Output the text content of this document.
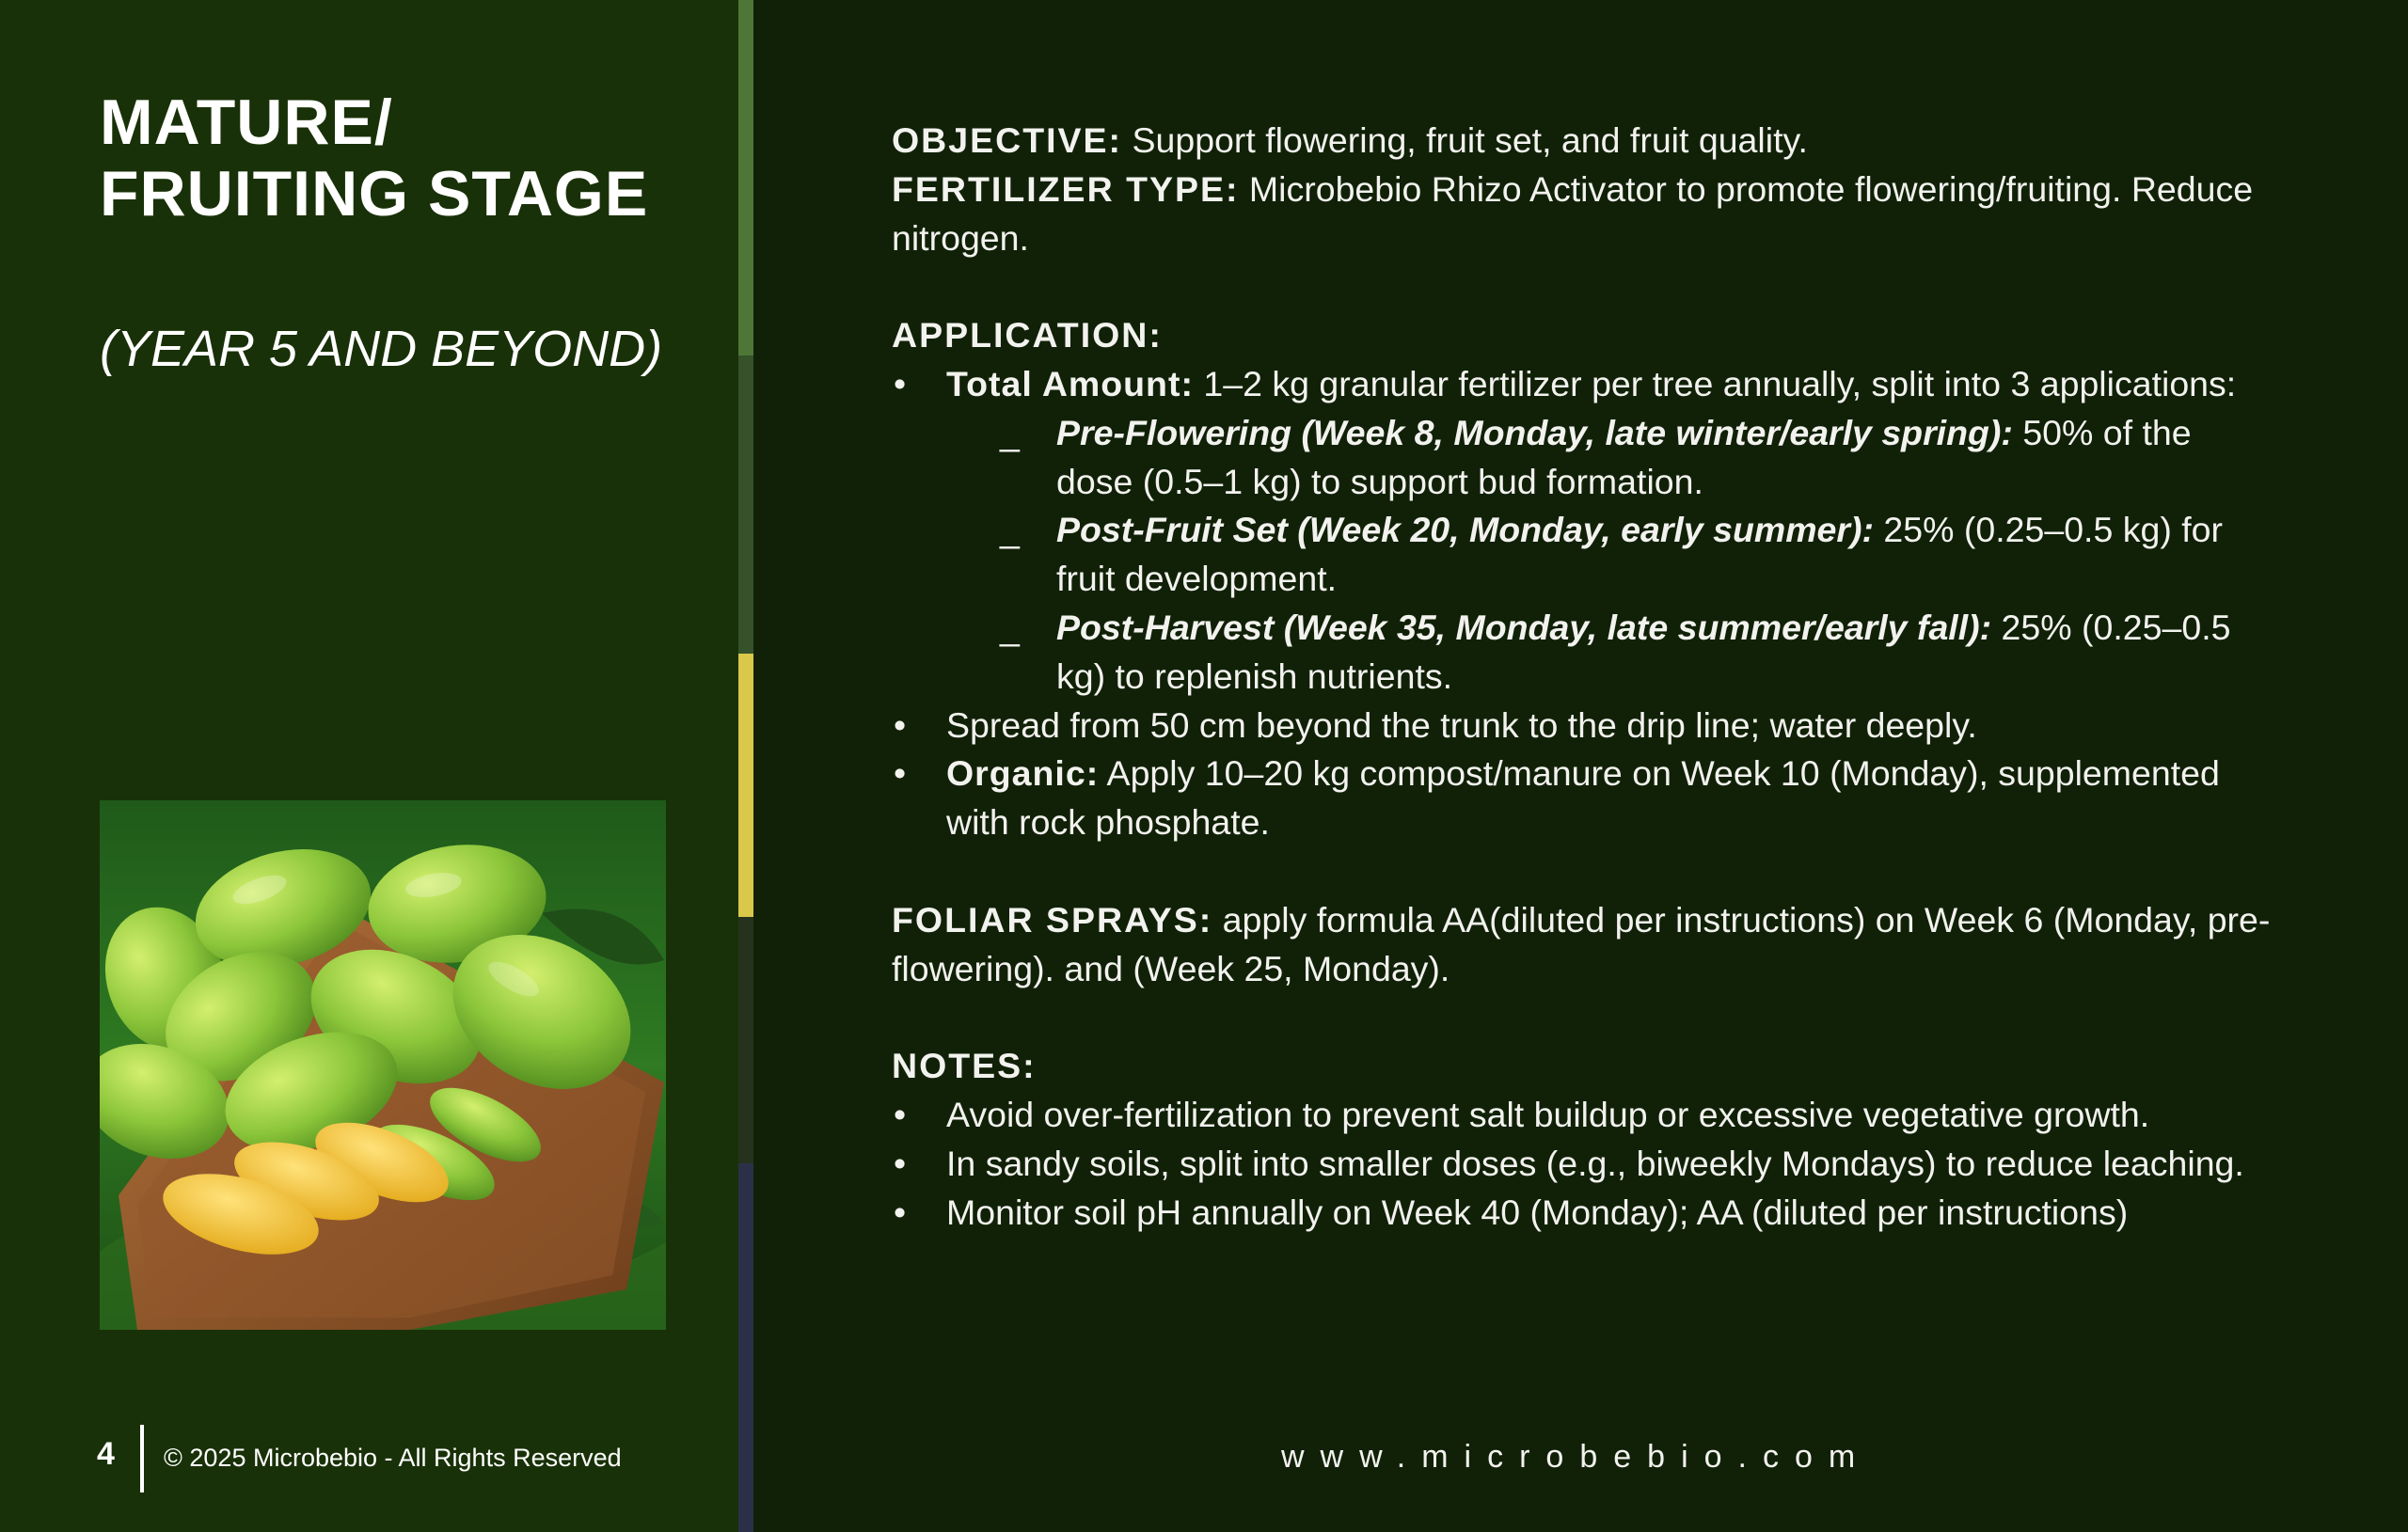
MATURE/ FRUITING STAGE

(YEAR 5 AND BEYOND)

4 © 2025 Microbebio - All Rights Reserved

OBJECTIVE: Support flowering, fruit set, and fruit quality.

FERTILIZER TYPE: Microbebio Rhizo Activator to promote flowering/fruiting. Reduce nitrogen.

APPLICATION:

• Total Amount: 1–2 kg granular fertilizer per tree annually, split into 3 applications:
_ Pre-Flowering (Week 8, Monday, late winter/early spring): 50% of the dose (0.5–1 kg) to support bud formation.
_ Post-Fruit Set (Week 20, Monday, early summer): 25% (0.25–0.5 kg) for fruit development.
_ Post-Harvest (Week 35, Monday, late summer/early fall): 25% (0.25–0.5 kg) to replenish nutrients.
• Spread from 50 cm beyond the trunk to the drip line; water deeply.
• Organic: Apply 10–20 kg compost/manure on Week 10 (Monday), supplemented with rock phosphate.

FOLIAR SPRAYS: apply formula AA(diluted per instructions) on Week 6 (Monday, pre-flowering). and (Week 25, Monday).

NOTES:

• Avoid over-fertilization to prevent salt buildup or excessive vegetative growth.
• In sandy soils, split into smaller doses (e.g., biweekly Mondays) to reduce leaching.
• Monitor soil pH annually on Week 40 (Monday); AA (diluted per instructions)
www.microbebio.com
